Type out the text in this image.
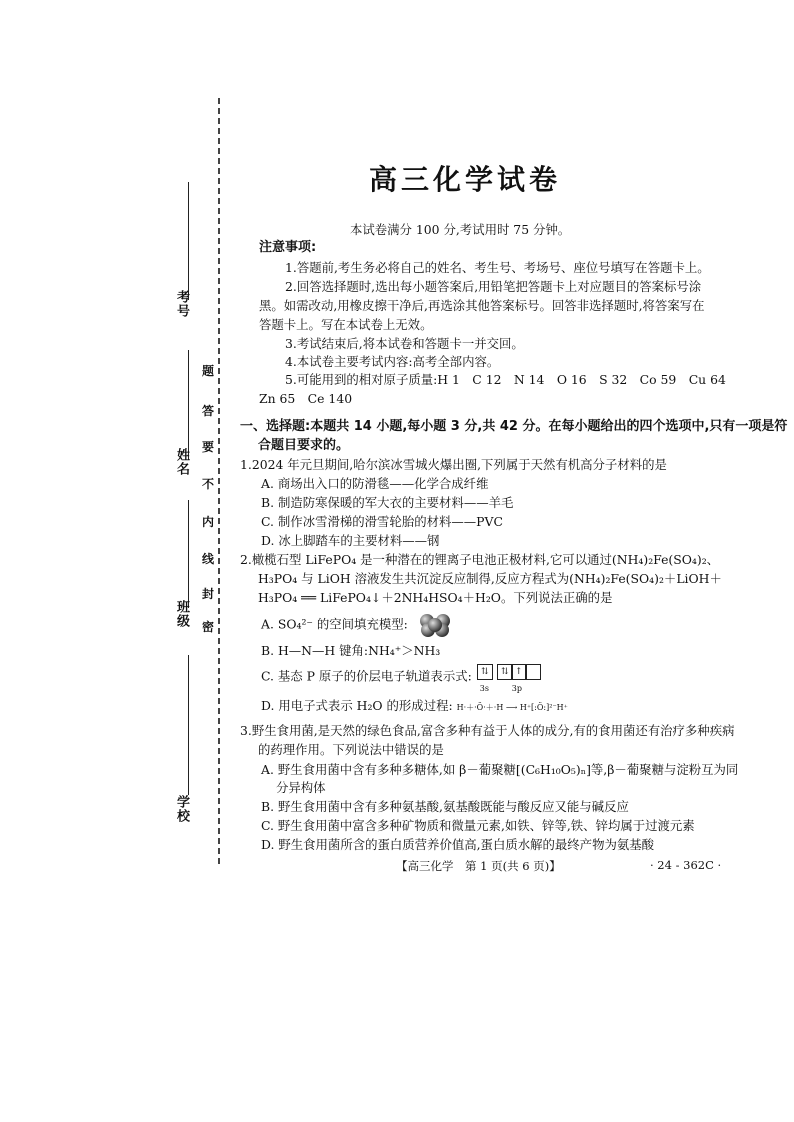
考号
姓名
班级
学校
题
答
要
不
内
线
封
密
高三化学试卷
本试卷满分 100 分,考试用时 75 分钟。
注意事项:
1.答题前,考生务必将自己的姓名、考生号、考场号、座位号填写在答题卡上。
2.回答选择题时,选出每小题答案后,用铅笔把答题卡上对应题目的答案标号涂
黑。如需改动,用橡皮擦干净后,再选涂其他答案标号。回答非选择题时,将答案写在
答题卡上。写在本试卷上无效。
3.考试结束后,将本试卷和答题卡一并交回。
4.本试卷主要考试内容:高考全部内容。
5.可能用到的相对原子质量:H 1　C 12　N 14　O 16　S 32　Co 59　Cu 64
Zn 65　Ce 140
一、选择题:本题共 14 小题,每小题 3 分,共 42 分。在每小题给出的四个选项中,只有一项是符
合题目要求的。
1.2024 年元旦期间,哈尔滨冰雪城火爆出圈,下列属于天然有机高分子材料的是
A. 商场出入口的防滑毯——化学合成纤维
B. 制造防寒保暖的军大衣的主要材料——羊毛
C. 制作冰雪滑梯的滑雪轮胎的材料——PVC
D. 冰上脚踏车的主要材料——钢
2.橄榄石型 LiFePO₄ 是一种潜在的锂离子电池正极材料,它可以通过(NH₄)₂Fe(SO₄)₂、
H₃PO₄ 与 LiOH 溶液发生共沉淀反应制得,反应方程式为(NH₄)₂Fe(SO₄)₂＋LiOH＋
H₃PO₄ ══ LiFePO₄↓＋2NH₄HSO₄＋H₂O。下列说法正确的是
A. SO₄²⁻ 的空间填充模型:
B. H—N—H 键角:NH₄⁺＞NH₃
C. 基态 P 原子的价层电子轨道表示式:	⇅	⇅ ↑
3s	3p
D. 用电子式表示 H₂O 的形成过程: H·＋·Ö·＋·H ⟶ H⁺[:Ö:]²⁻H⁺
3.野生食用菌,是天然的绿色食品,富含多种有益于人体的成分,有的食用菌还有治疗多种疾病
的药理作用。下列说法中错误的是
A. 野生食用菌中含有多种多糖体,如 β－葡聚糖[(C₆H₁₀O₅)ₙ]等,β－葡聚糖与淀粉互为同
分异构体
B. 野生食用菌中含有多种氨基酸,氨基酸既能与酸反应又能与碱反应
C. 野生食用菌中富含多种矿物质和微量元素,如铁、锌等,铁、锌均属于过渡元素
D. 野生食用菌所含的蛋白质营养价值高,蛋白质水解的最终产物为氨基酸
【高三化学　第 1 页(共 6 页)】	· 24 - 362C ·
